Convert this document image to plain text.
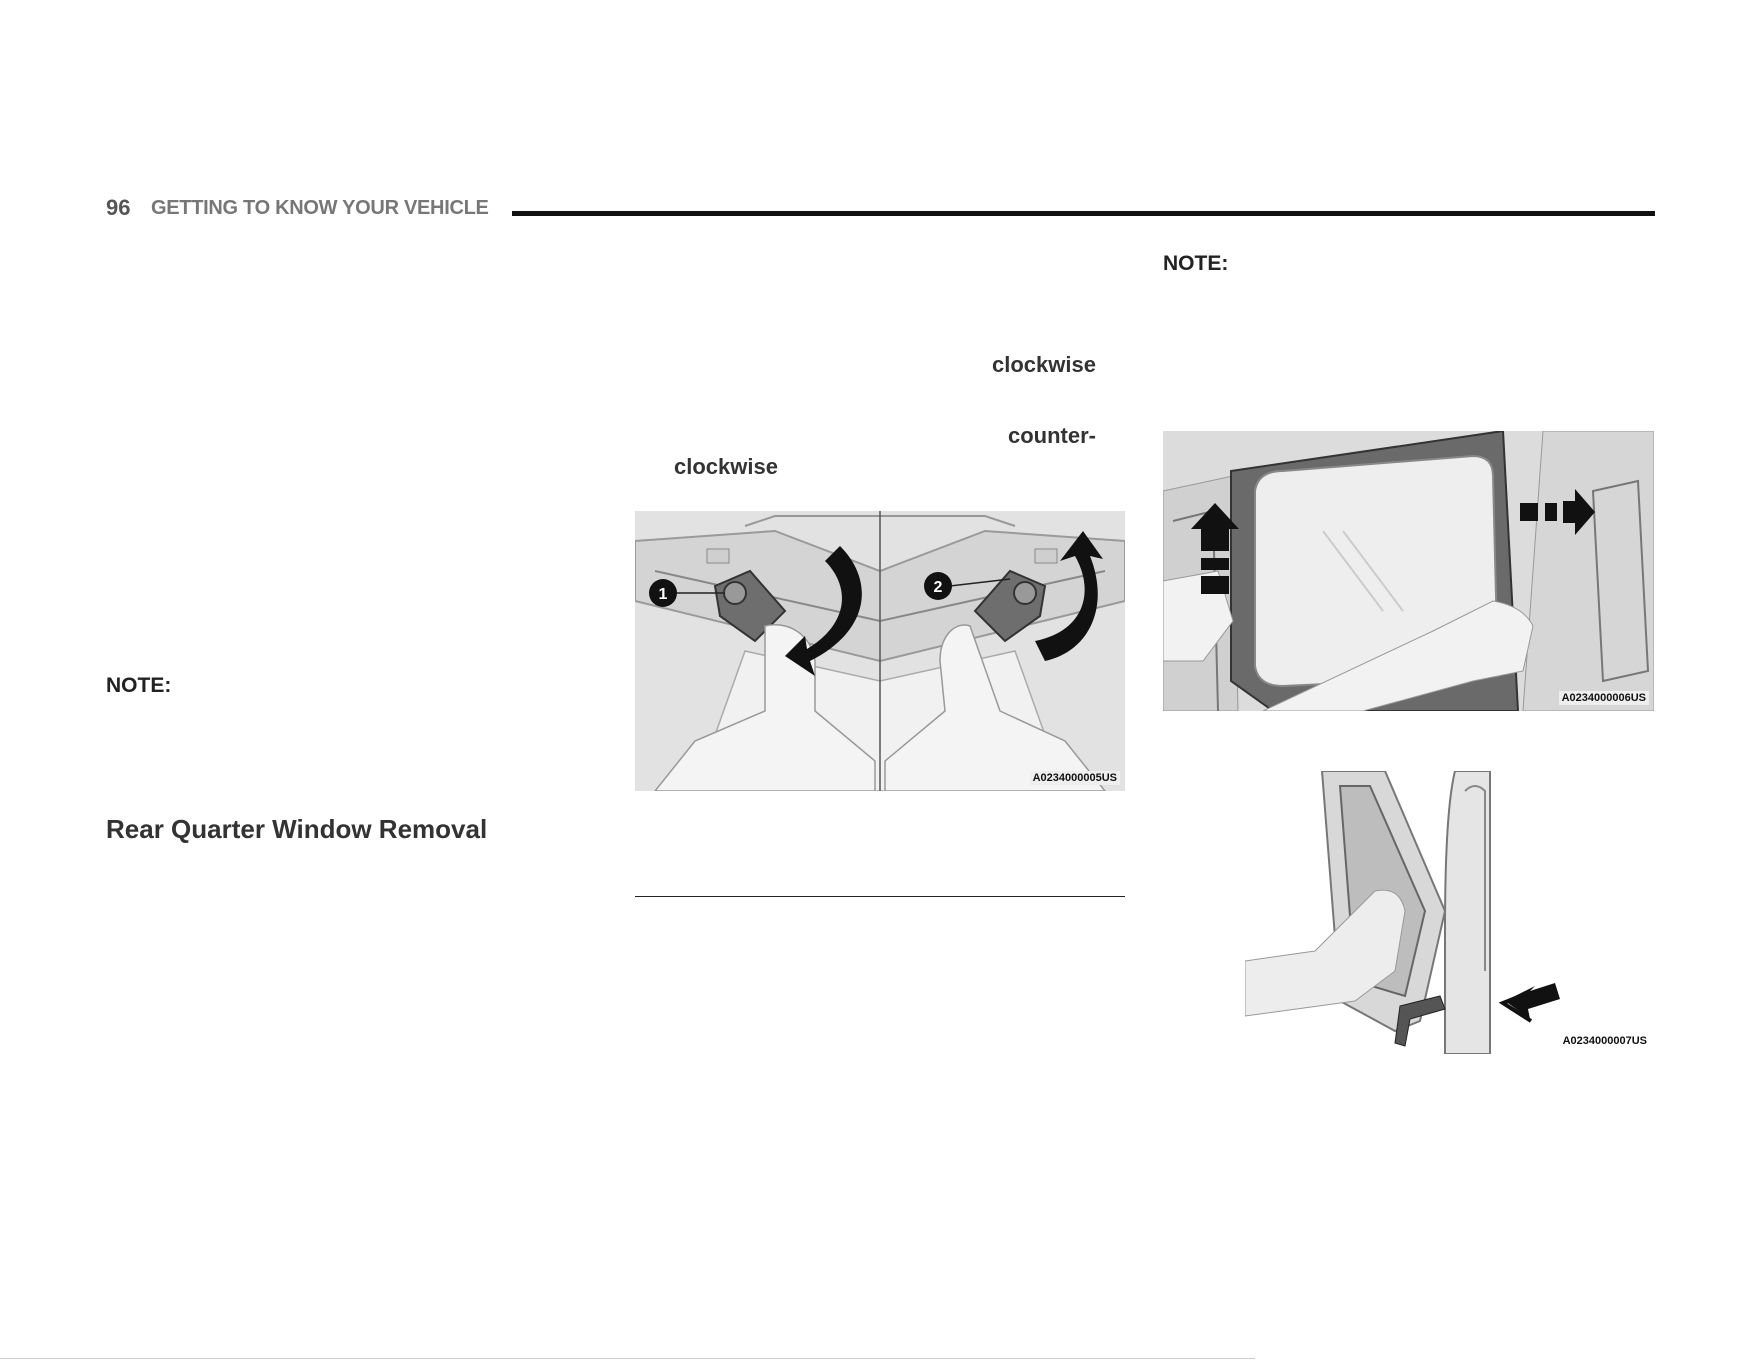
96 GETTING TO KNOW YOUR VEHICLE
NOTE:
Rear Quarter Window Removal
clockwise
counter-
clockwise
1	2
A0234000005US
NOTE:
A0234000006US
A0234000007US
